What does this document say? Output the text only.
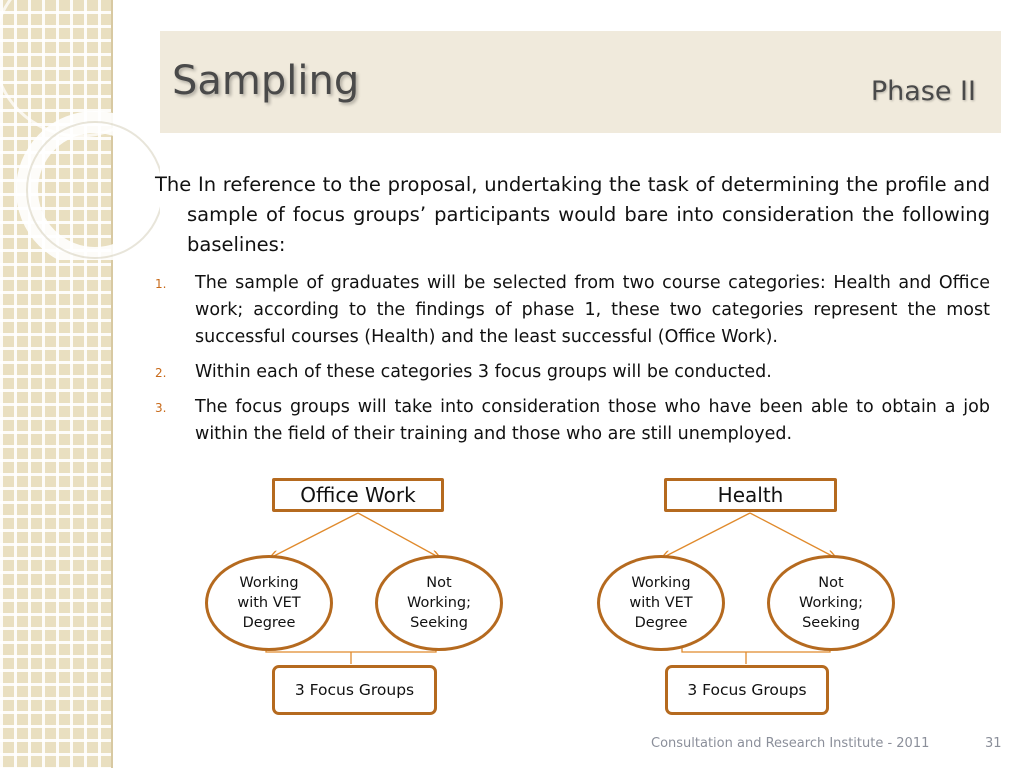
Sampling	Phase II

The In reference to the proposal, undertaking the task of determining the profile and sample of focus groups’ participants would bare into consideration the following baselines:

1. The sample of graduates will be selected from two course categories: Health and Office work; according to the findings of phase 1, these two categories represent the most successful courses (Health) and the least successful (Office Work).
2. Within each of these categories 3 focus groups will be conducted.
3. The focus groups will take into consideration those who have been able to obtain a job within the field of their training and those who are still unemployed.
Office Work
Working
with VET
Degree
Not
Working;
Seeking
3 Focus Groups
Health
Working
with VET
Degree
Not
Working;
Seeking
3 Focus Groups
Consultation and Research Institute - 2011	31
